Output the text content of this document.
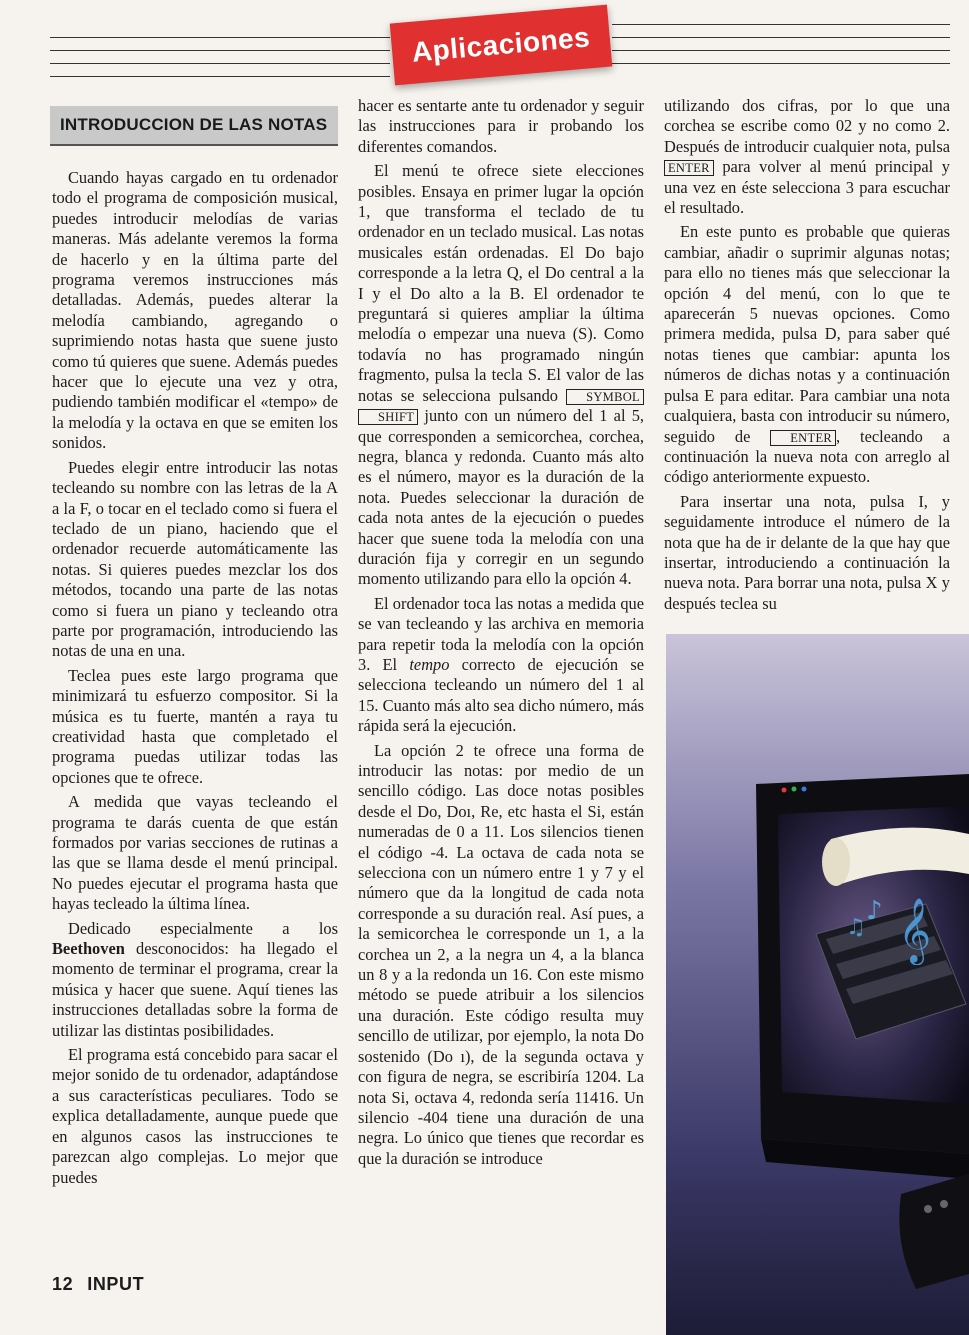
Aplicaciones
INTRODUCCION DE LAS NOTAS

Cuando hayas cargado en tu ordenador todo el programa de composición musical, puedes introducir melodías de varias maneras. Más adelante veremos la forma de hacerlo y en la última parte del programa veremos instrucciones más detalladas. Además, puedes alterar la melodía cambiando, agregando o suprimiendo notas hasta que suene justo como tú quieres que suene. Además puedes hacer que lo ejecute una vez y otra, pudiendo también modificar el «tempo» de la melodía y la octava en que se emiten los sonidos.

Puedes elegir entre introducir las notas tecleando su nombre con las letras de la A a la F, o tocar en el teclado como si fuera el teclado de un piano, haciendo que el ordenador recuerde automáticamente las notas. Si quieres puedes mezclar los dos métodos, tocando una parte de las notas como si fuera un piano y tecleando otra parte por programación, introduciendo las notas de una en una.

Teclea pues este largo programa que minimizará tu esfuerzo compositor. Si la música es tu fuerte, mantén a raya tu creatividad hasta que completado el programa puedas utilizar todas las opciones que te ofrece.

A medida que vayas tecleando el programa te darás cuenta de que están formados por varias secciones de rutinas a las que se llama desde el menú principal. No puedes ejecutar el programa hasta que hayas tecleado la última línea.

Dedicado especialmente a los Beethoven desconocidos: ha llegado el momento de terminar el programa, crear la música y hacer que suene. Aquí tienes las instrucciones detalladas sobre la forma de utilizar las distintas posibilidades.

El programa está concebido para sacar el mejor sonido de tu ordenador, adaptándose a sus características peculiares. Todo se explica detalladamente, aunque puede que en algunos casos las instrucciones te parezcan algo complejas. Lo mejor que puedes

hacer es sentarte ante tu ordenador y seguir las instrucciones para ir probando los diferentes comandos.

El menú te ofrece siete elecciones posibles. Ensaya en primer lugar la opción 1, que transforma el teclado de tu ordenador en un teclado musical. Las notas musicales están ordenadas. El Do bajo corresponde a la letra Q, el Do central a la I y el Do alto a la B. El ordenador te preguntará si quieres ampliar la última melodía o empezar una nueva (S). Como todavía no has programado ningún fragmento, pulsa la tecla S. El valor de las notas se selecciona pulsando SYMBOL SHIFT junto con un número del 1 al 5, que corresponden a semicorchea, corchea, negra, blanca y redonda. Cuanto más alto es el número, mayor es la duración de la nota. Puedes seleccionar la duración de cada nota antes de la ejecución o puedes hacer que suene toda la melodía con una duración fija y corregir en un segundo momento utilizando para ello la opción 4.

El ordenador toca las notas a medida que se van tecleando y las archiva en memoria para repetir toda la melodía con la opción 3. El tempo correcto de ejecución se selecciona tecleando un número del 1 al 15. Cuanto más alto sea dicho número, más rápida será la ejecución.

La opción 2 te ofrece una forma de introducir las notas: por medio de un sencillo código. Las doce notas posibles desde el Do, Doı, Re, etc hasta el Si, están numeradas de 0 a 11. Los silencios tienen el código -4. La octava de cada nota se selecciona con un número entre 1 y 7 y el número que da la longitud de cada nota corresponde a su duración real. Así pues, a la semicorchea le corresponde un 1, a la corchea un 2, a la negra un 4, a la blanca un 8 y a la redonda un 16. Con este mismo método se puede atribuir a los silencios una duración. Este código resulta muy sencillo de utilizar, por ejemplo, la nota Do sostenido (Do ı), de la segunda octava y con figura de negra, se escribiría 1204. La nota Si, octava 4, redonda sería 11416. Un silencio -404 tiene una duración de una negra. Lo único que tienes que recordar es que la duración se introduce

utilizando dos cifras, por lo que una corchea se escribe como 02 y no como 2. Después de introducir cualquier nota, pulsa ENTER para volver al menú principal y una vez en éste selecciona 3 para escuchar el resultado.

En este punto es probable que quieras cambiar, añadir o suprimir algunas notas; para ello no tienes más que seleccionar la opción 4 del menú, con lo que te aparecerán 5 nuevas opciones. Como primera medida, pulsa D, para saber qué notas tienes que cambiar: apunta los números de dichas notas y a continuación pulsa E para editar. Para cambiar una nota cualquiera, basta con introducir su número, seguido de ENTER , tecleando a continuación la nueva nota con arreglo al código anteriormente expuesto.

Para insertar una nota, pulsa I, y seguidamente introduce el número de la nota que ha de ir delante de la que hay que insertar, introduciendo a continuación la nueva nota. Para borrar una nota, pulsa X y después teclea su

𝄞
♪
♫
12 INPUT
